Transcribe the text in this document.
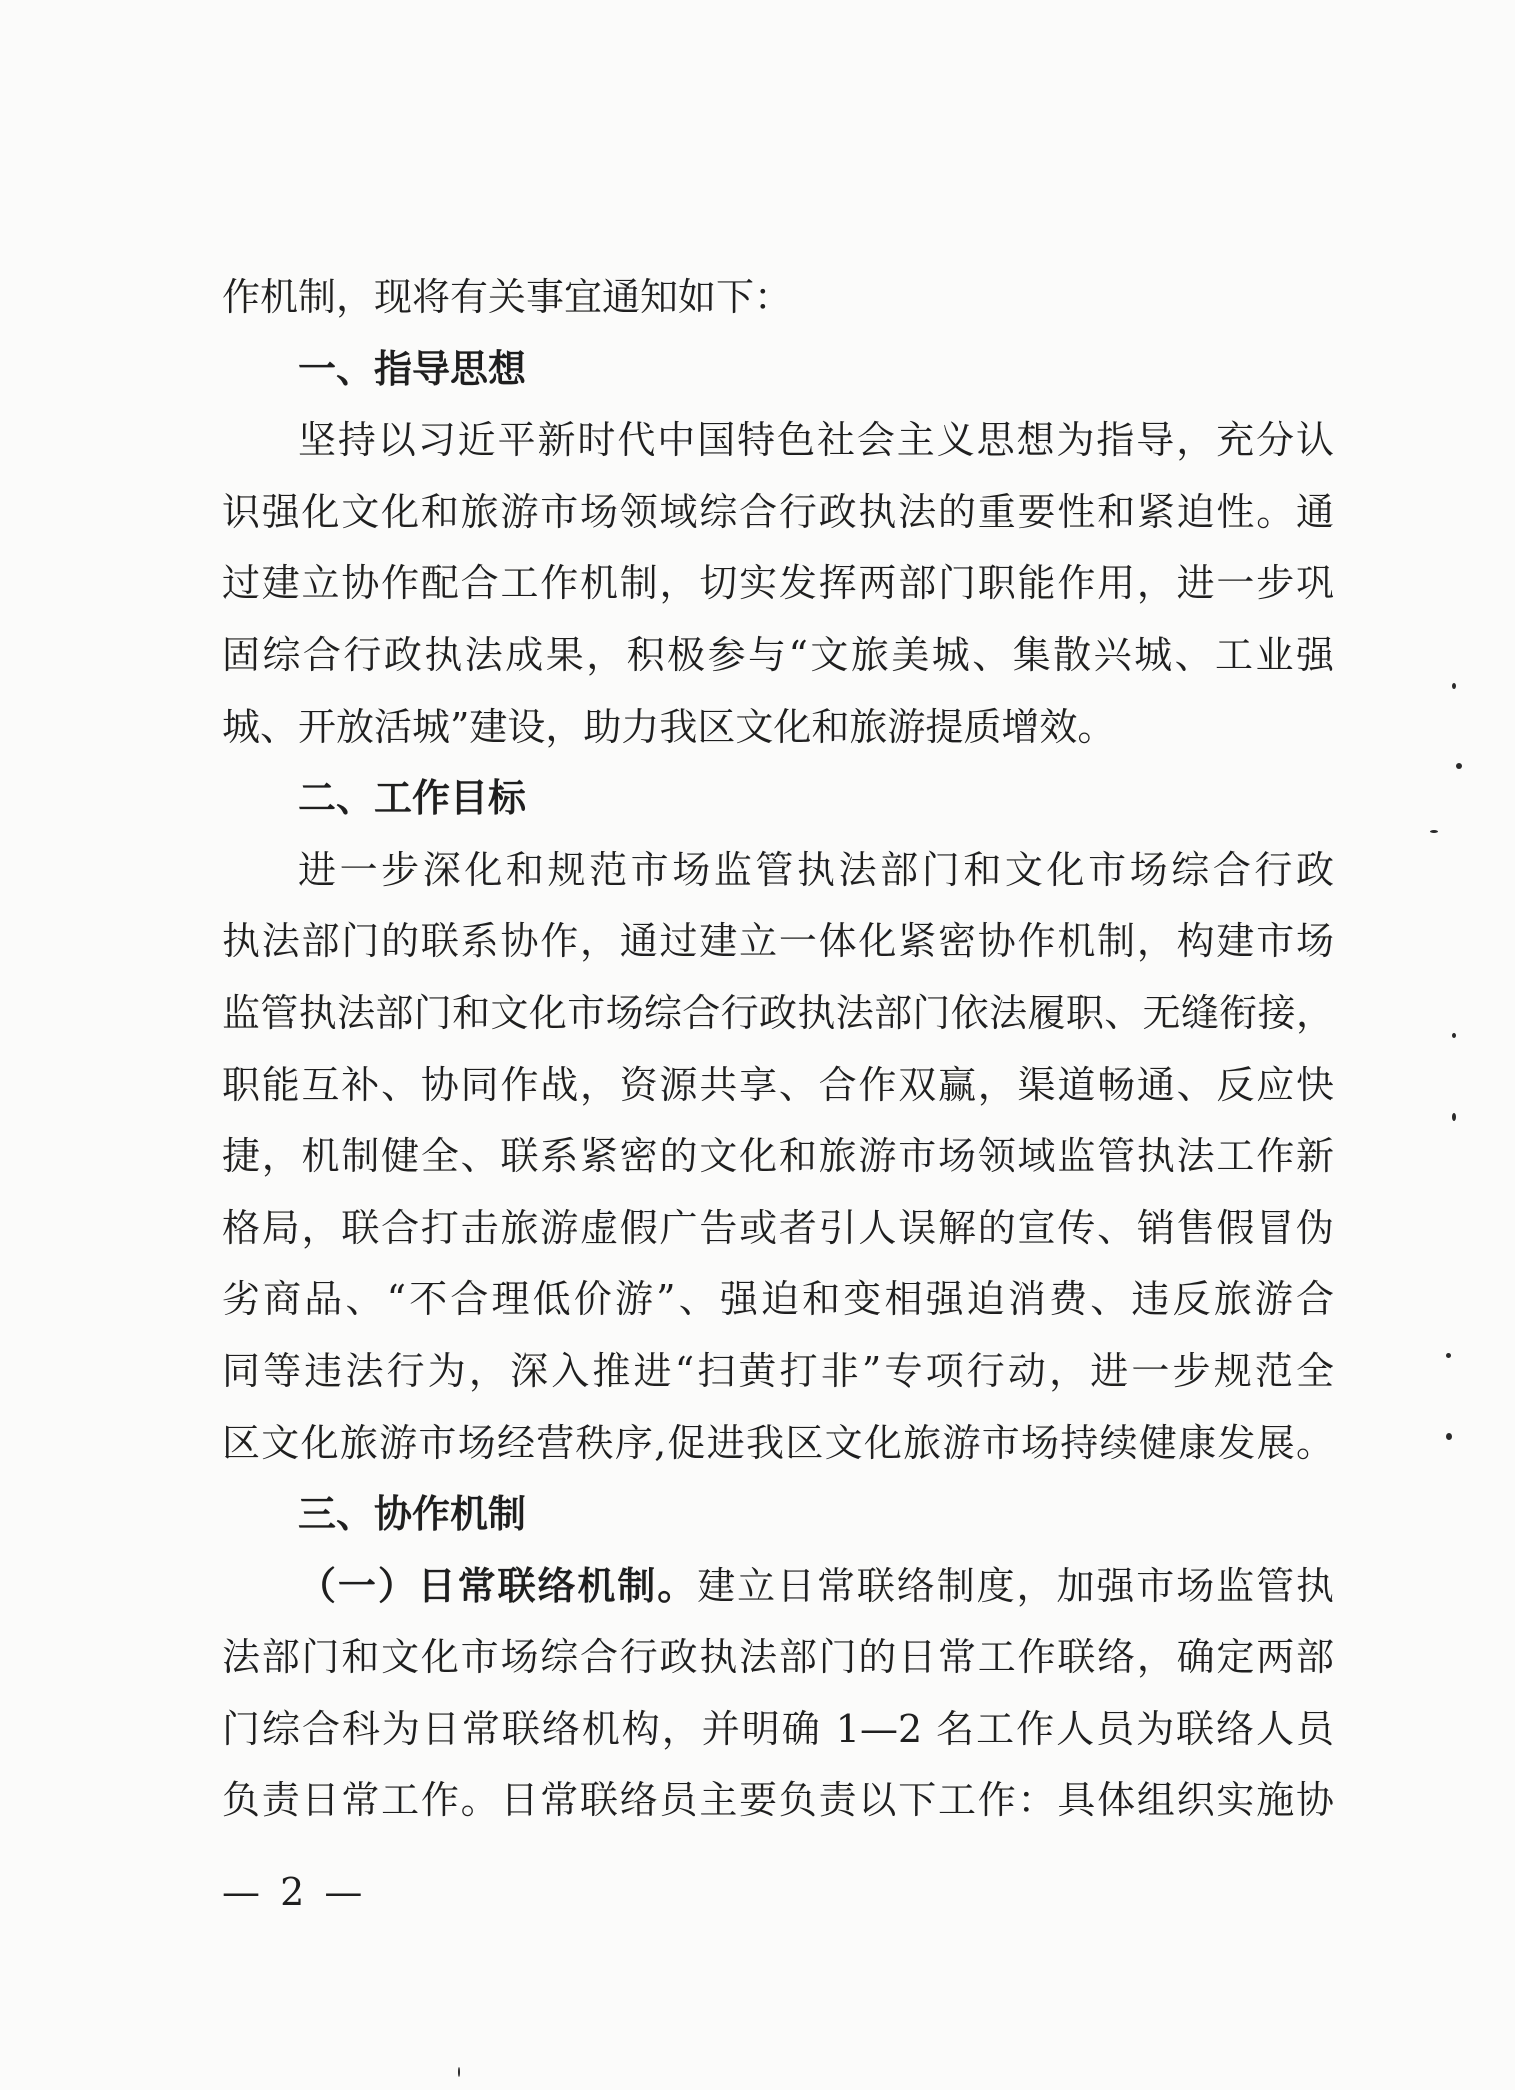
作机制，现将有关事宜通知如下：
一、指导思想
坚持以习近平新时代中国特色社会主义思想为指导，充分认
识强化文化和旅游市场领域综合行政执法的重要性和紧迫性。通
过建立协作配合工作机制，切实发挥两部门职能作用，进一步巩
固综合行政执法成果，积极参与“文旅美城、集散兴城、工业强
城、开放活城”建设，助力我区文化和旅游提质增效。
二、工作目标
进一步深化和规范市场监管执法部门和文化市场综合行政
执法部门的联系协作，通过建立一体化紧密协作机制，构建市场
监管执法部门和文化市场综合行政执法部门依法履职、无缝衔接，
职能互补、协同作战，资源共享、合作双赢，渠道畅通、反应快
捷，机制健全、联系紧密的文化和旅游市场领域监管执法工作新
格局，联合打击旅游虚假广告或者引人误解的宣传、销售假冒伪
劣商品、“不合理低价游”、强迫和变相强迫消费、违反旅游合
同等违法行为，深入推进“扫黄打非”专项行动，进一步规范全
区文化旅游市场经营秩序,促进我区文化旅游市场持续健康发展。
三、协作机制
（一）日常联络机制。建立日常联络制度，加强市场监管执
法部门和文化市场综合行政执法部门的日常工作联络，确定两部
门综合科为日常联络机构，并明确 1—2 名工作人员为联络人员
负责日常工作。日常联络员主要负责以下工作：具体组织实施协
— 2 —
